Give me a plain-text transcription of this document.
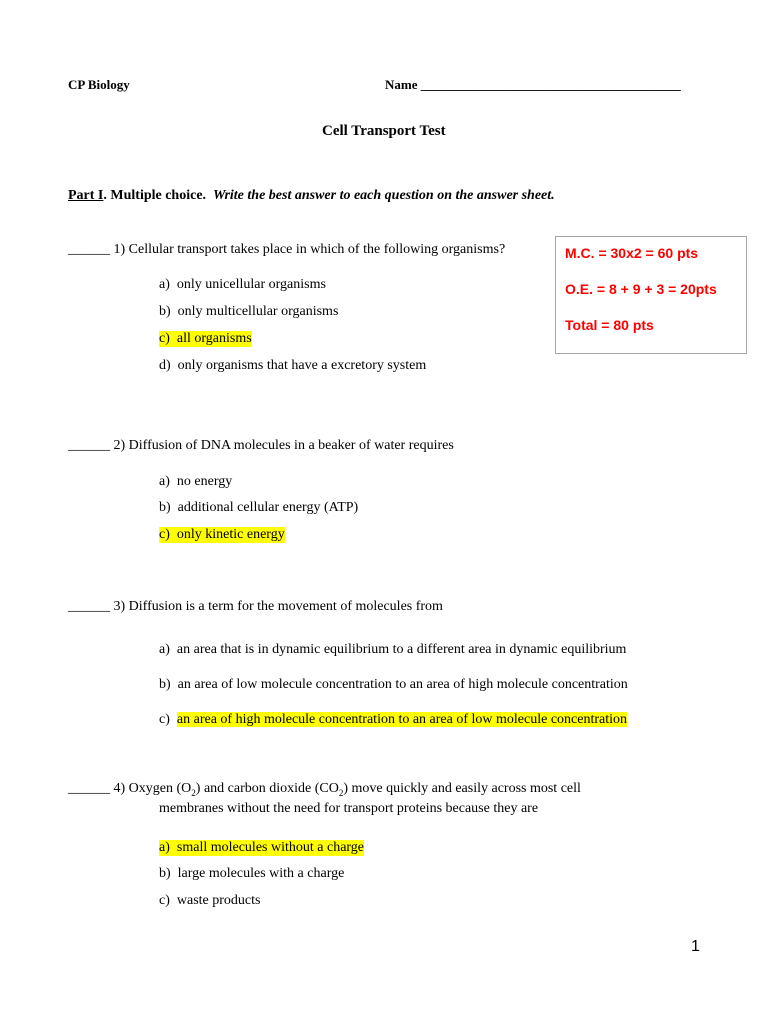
CP Biology	Name ________________________________________
Cell Transport Test
Part I. Multiple choice. Write the best answer to each question on the answer sheet.
M.C. = 30x2 = 60 pts
O.E. = 8 + 9 + 3 = 20pts
Total = 80 pts
______ 1) Cellular transport takes place in which of the following organisms?
a) only unicellular organisms
b) only multicellular organisms
c) all organisms
d) only organisms that have a excretory system
______ 2) Diffusion of DNA molecules in a beaker of water requires
a) no energy
b) additional cellular energy (ATP)
c) only kinetic energy
______ 3) Diffusion is a term for the movement of molecules from
a) an area that is in dynamic equilibrium to a different area in dynamic equilibrium
b) an area of low molecule concentration to an area of high molecule concentration
c) an area of high molecule concentration to an area of low molecule concentration
______ 4) Oxygen $(O_2)$ and carbon dioxide $(CO_2)$ move quickly and easily across most cell
membranes without the need for transport proteins because they are
a) small molecules without a charge
b) large molecules with a charge
c) waste products
1
